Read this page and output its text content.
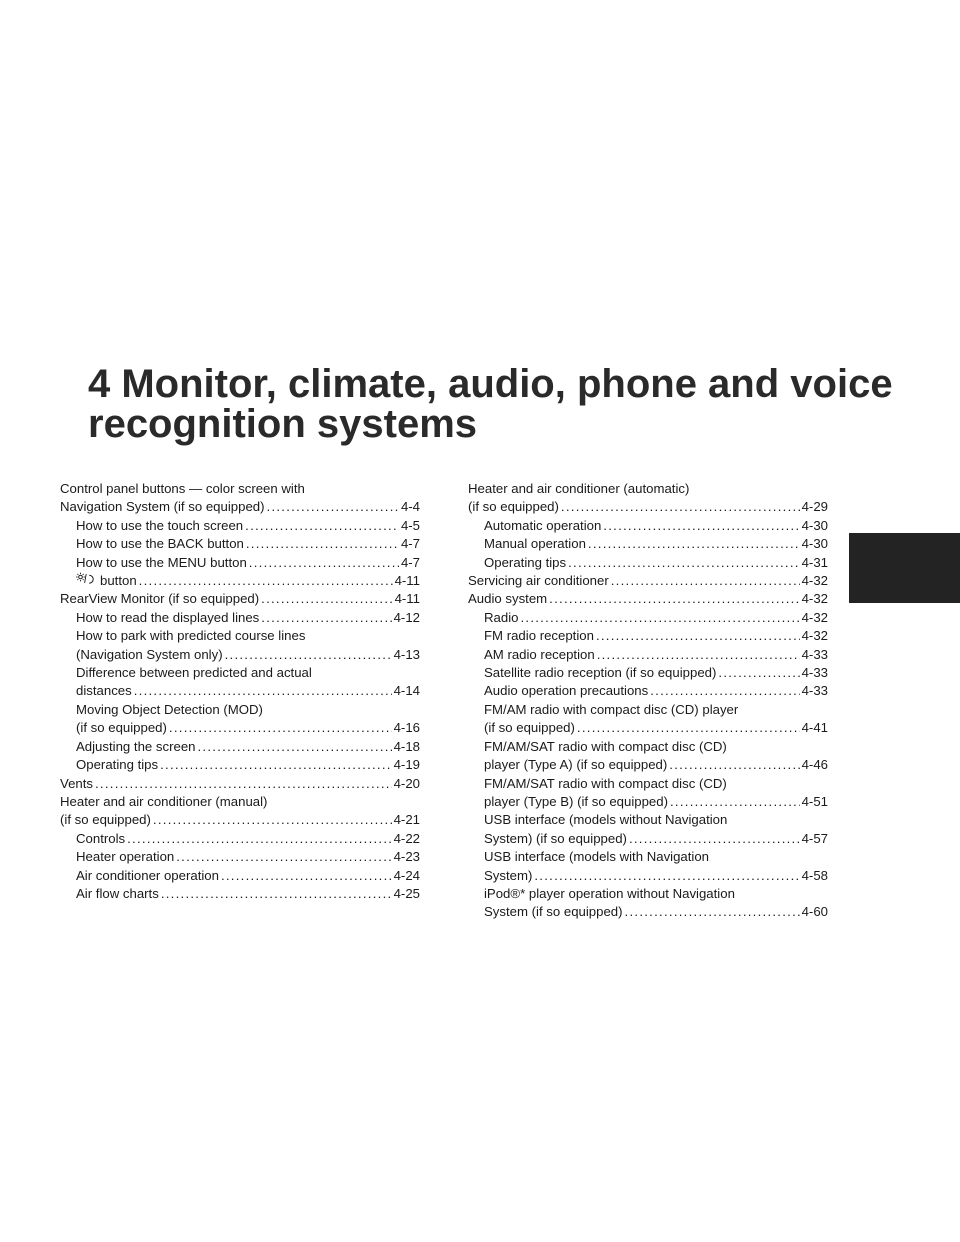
4 Monitor, climate, audio, phone and voice
recognition systems
Control panel buttons — color screen with
Navigation System (if so equipped) . . .	4-4
How to use the touch screen . . .	4-5
How to use the BACK button . . .	4-7
How to use the MENU button . . .	4-7
button . . .	4-11
RearView Monitor (if so equipped) . . .	4-11
How to read the displayed lines . . .	4-12
How to park with predicted course lines
(Navigation System only) . . .	4-13
Difference between predicted and actual
distances . . .	4-14
Moving Object Detection (MOD)
(if so equipped) . . .	4-16
Adjusting the screen . . .	4-18
Operating tips . . .	4-19
Vents . . .	4-20
Heater and air conditioner (manual)
(if so equipped) . . .	4-21
Controls . . .	4-22
Heater operation . . .	4-23
Air conditioner operation . . .	4-24
Air flow charts . . .	4-25
Heater and air conditioner (automatic)
(if so equipped) . . .	4-29
Automatic operation . . .	4-30
Manual operation . . .	4-30
Operating tips . . .	4-31
Servicing air conditioner . . .	4-32
Audio system . . .	4-32
Radio . . .	4-32
FM radio reception . . .	4-32
AM radio reception . . .	4-33
Satellite radio reception (if so equipped) . . .	4-33
Audio operation precautions . . .	4-33
FM/AM radio with compact disc (CD) player
(if so equipped) . . .	4-41
FM/AM/SAT radio with compact disc (CD)
player (Type A) (if so equipped) . . .	4-46
FM/AM/SAT radio with compact disc (CD)
player (Type B) (if so equipped) . . .	4-51
USB interface (models without Navigation
System) (if so equipped) . . .	4-57
USB interface (models with Navigation
System) . . .	4-58
iPod®* player operation without Navigation
System (if so equipped) . . .	4-60
